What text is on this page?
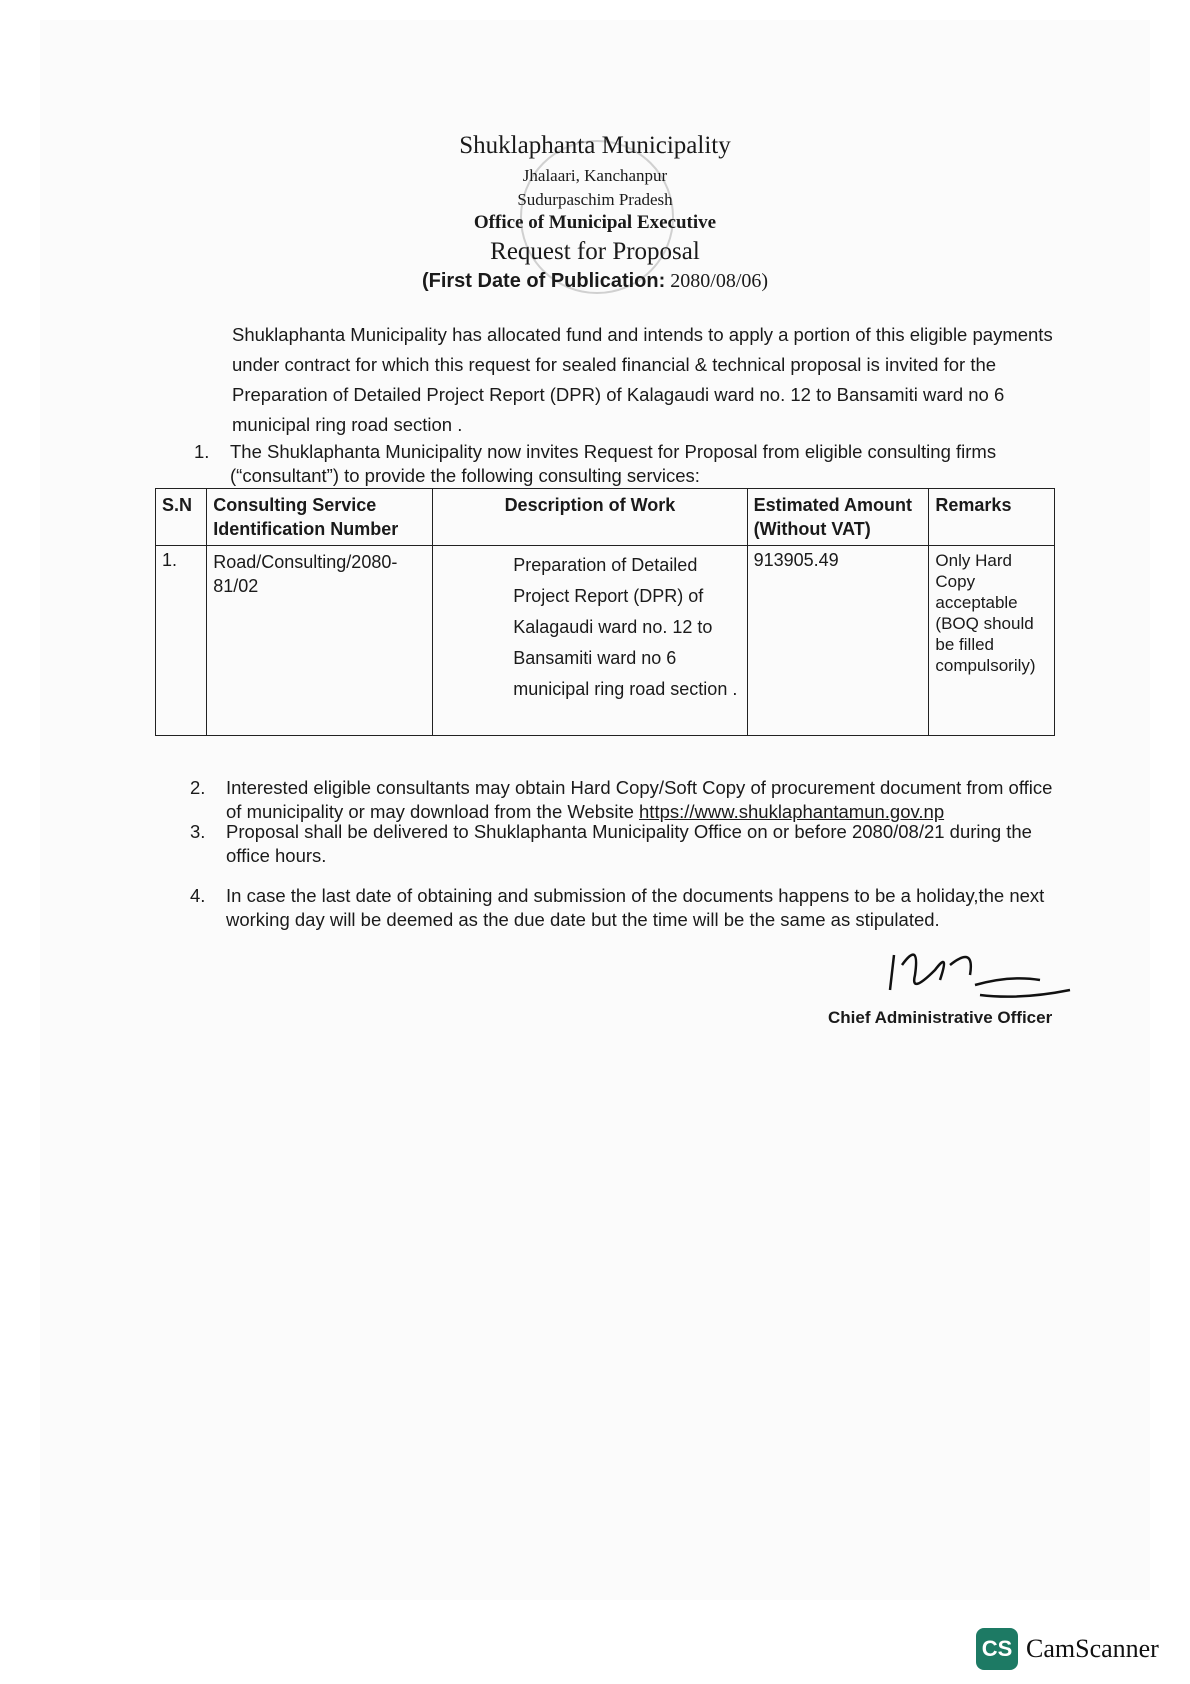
Shuklaphanta Municipality
Jhalaari, Kanchanpur
Sudurpaschim Pradesh
Office of Municipal Executive
Request for Proposal
(First Date of Publication: 2080/08/06)
Shuklaphanta Municipality has allocated fund and intends to apply a portion of this eligible payments under contract for which this request for sealed financial & technical proposal is invited for the Preparation of Detailed Project Report (DPR) of Kalagaudi ward no. 12 to Bansamiti ward no 6 municipal ring road section .
1. The Shuklaphanta Municipality now invites Request for Proposal from eligible consulting firms (“consultant”) to provide the following consulting services:
S.N	Consulting Service Identification Number	Description of Work	Estimated Amount (Without VAT)	Remarks
1.	Road/Consulting/2080-81/02	Preparation of Detailed Project Report (DPR) of Kalagaudi ward no. 12 to Bansamiti ward no 6 municipal ring road section .	913905.49	Only Hard Copy acceptable (BOQ should be filled compulsorily)
2. Interested eligible consultants may obtain Hard Copy/Soft Copy of procurement document from office of municipality or may download from the Website https://www.shuklaphantamun.gov.np
3. Proposal shall be delivered to Shuklaphanta Municipality Office on or before 2080/08/21 during the office hours.
4. In case the last date of obtaining and submission of the documents happens to be a holiday,the next working day will be deemed as the due date but the time will be the same as stipulated.
Chief Administrative Officer
CS CamScanner
